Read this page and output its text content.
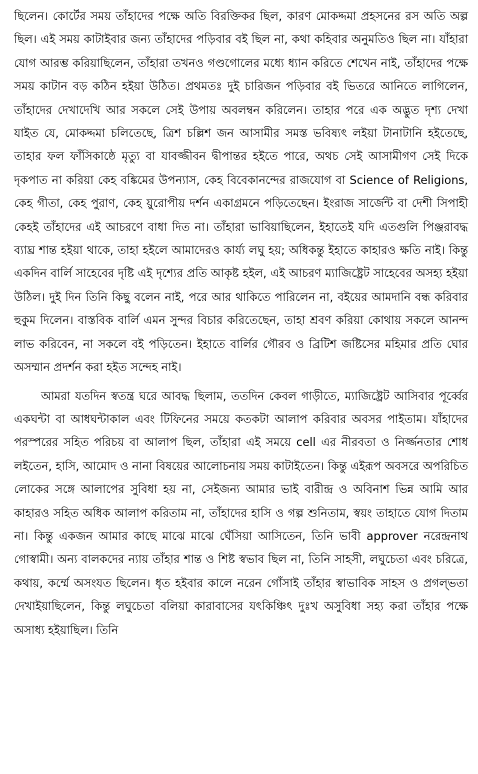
ছিলেন। কোর্টের সময় তাঁহাদের পক্ষে অতি বিরক্তিকর ছিল, কারণ মোকদ্দমা প্রহসনের রস অতি অল্প ছিল। এই সময় কাটাইবার জন্য তাঁহাদের পড়িবার বই ছিল না, কথা কহিবার অনুমতিও ছিল না। যাঁহারা যোগ আরম্ভ করিয়াছিলেন, তাঁহারা তখনও গণ্ডগোলের মধ্যে ধ্যান করিতে শেখেন নাই, তাঁহাদের পক্ষে সময় কাটান বড় কঠিন হইয়া উঠিত। প্রথমতঃ দুই চারিজন পড়িবার বই ভিতরে আনিতে লাগিলেন, তাঁহাদের দেখাদেখি আর সকলে সেই উপায় অবলম্বন করিলেন। তাহার পরে এক অদ্ভুত দৃশ্য দেখা যাইত যে, মোকদ্দমা চলিতেছে, ত্রিশ চল্লিশ জন আসামীর সমস্ত ভবিষ্যৎ লইয়া টানাটানি হইতেছে, তাহার ফল ফাঁসিকাষ্ঠে মৃত্যু বা যাবজ্জীবন দ্বীপান্তর হইতে পারে, অথচ সেই আসামীগণ সেই দিকে দৃকপাত না করিয়া কেহ বঙ্কিমের উপন্যাস, কেহ বিবেকানন্দের রাজযোগ বা Science of Religions, কেহ গীতা, কেহ পুরাণ, কেহ য়ুরোপীয় দর্শন একাগ্রমনে পড়িতেছেন। ইংরাজ সার্জেন্ট বা দেশী সিপাহী কেহই তাঁহাদের এই আচরণে বাধা দিত না। তাঁহারা ভাবিয়াছিলেন, ইহাতেই যদি এতগুলি পিঞ্জরাবদ্ধ ব্যাঘ্র শান্ত হইয়া থাকে, তাহা হইলে আমাদেরও কার্য্য লঘু হয়; অধিকন্তু ইহাতে কাহারও ক্ষতি নাই। কিন্তু একদিন বার্লি সাহেবের দৃষ্টি এই দৃশ্যের প্রতি আকৃষ্ট হইল, এই আচরণ ম্যাজিষ্ট্রেট সাহেবের অসহ্য হইয়া উঠিল। দুই দিন তিনি কিছু বলেন নাই, পরে আর থাকিতে পারিলেন না, বইয়ের আমদানি বন্ধ করিবার হুকুম দিলেন। বাস্তবিক বার্লি এমন সুন্দর বিচার করিতেছেন, তাহা শ্রবণ করিয়া কোথায় সকলে আনন্দ লাভ করিবেন, না সকলে বই পড়িতেন। ইহাতে বার্লির গৌরব ও ব্রিটিশ জষ্টিসের মহিমার প্রতি ঘোর অসম্মান প্রদর্শন করা হইত সন্দেহ নাই।

আমরা যতদিন স্বতন্ত্র ঘরে আবদ্ধ ছিলাম, ততদিন কেবল গাড়ীতে, ম্যাজিষ্ট্রেট আসিবার পূর্ব্বের একঘন্টা বা আধঘন্টাকাল এবং টিফিনের সময়ে কতকটা আলাপ করিবার অবসর পাইতাম। যাঁহাদের পরস্পরের সহিত পরিচয় বা আলাপ ছিল, তাঁহারা এই সময়ে cell এর নীরবতা ও নির্জ্জনতার শোধ লইতেন, হাসি, আমোদ ও নানা বিষয়ের আলোচনায় সময় কাটাইতেন। কিন্তু এইরূপ অবসরে অপরিচিত লোকের সঙ্গে আলাপের সুবিধা হয় না, সেইজন্য আমার ভাই বারীন্দ্র ও অবিনাশ ভিন্ন আমি আর কাহারও সহিত অধিক আলাপ করিতাম না, তাঁহাদের হাসি ও গল্প শুনিতাম, স্বয়ং তাহাতে যোগ দিতাম না। কিন্তু একজন আমার কাছে মাঝে মাঝে ঘেঁসিয়া আসিতেন, তিনি ভাবী approver নরেন্দ্রনাথ গোস্বামী। অন্য বালকদের ন্যায় তাঁহার শান্ত ও শিষ্ট স্বভাব ছিল না, তিনি সাহসী, লঘুচেতা এবং চরিত্রে, কথায়, কর্ম্মে অসংযত ছিলেন। ধৃত হইবার কালে নরেন গোঁসাই তাঁহার স্বাভাবিক সাহস ও প্রগল্ভতা দেখাইয়াছিলেন, কিন্তু লঘুচেতা বলিয়া কারাবাসের যৎকিঞ্চিৎ দুঃখ অসুবিধা সহ্য করা তাঁহার পক্ষে অসাধ্য হইয়াছিল। তিনি
